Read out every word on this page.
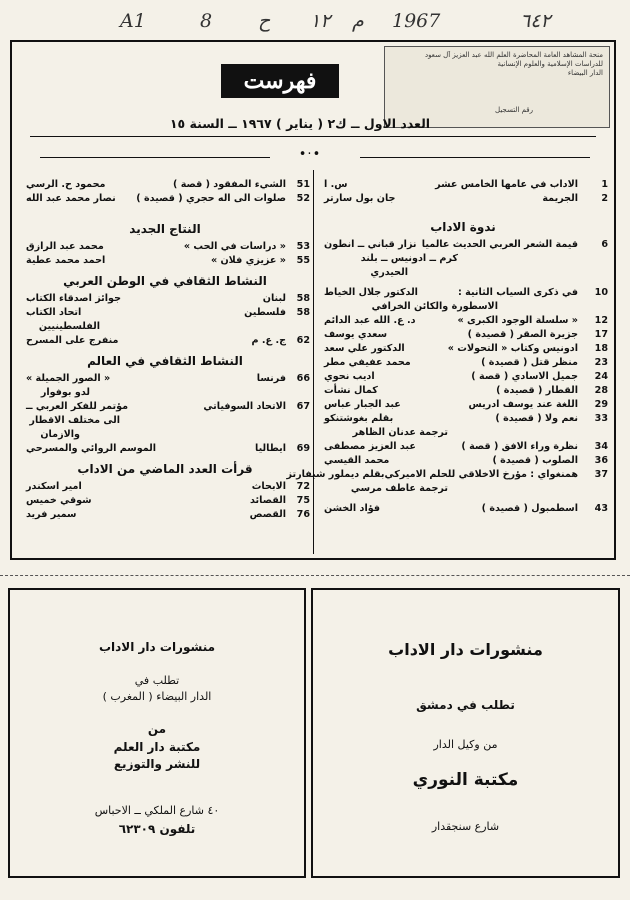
A1	8 ح ١٢ م 1967	٦٤٢
منحة المشاهد العامة المحاضرة العلم الله عبد العزيز آل سعود
للدراسات الإسلامية والعلوم الإنسانية
الدار البيضاء
رقم التسجيل
فهرست
العدد الاول ــ ك٢ ( يناير ) ١٩٦٧ ــ السنة ١٥
•·•
1
الاداب في عامها الخامس عشر
س. ا
2
الجريمة
جان بول سارتر
ندوة الاداب
6
قيمة الشعر العربي الحديث عالميا
نزار قباني ــ انطون
كرم ــ ادونيس ــ بلند
الحيدري
10
في ذكرى السياب الثانية :
الدكتور جلال الخياط
الاسطورة والكائن الخرافي
12
« سلسلة الوجود الكبرى »
د. ع. الله عبد الدائم
17
جزيرة الصقر ( قصيدة )
سعدي يوسف
18
ادونيس وكتاب « التحولات »
الدكتور علي سعد
23
منظر قتل ( قصيدة )
محمد عفيفي مطر
24
جميل الاسادي ( قصة )
اديب نحوي
28
القطار ( قصيدة )
كمال نشأت
29
اللغة عند يوسف ادريس
عبد الجبار عباس
33
نعم ولا ( قصيدة )
بقلم بغوشتنكو
ترجمة عدنان الظاهر
34
نظرة وراء الافق ( قصة )
عبد العزيز مصطفى
36
الصلوب ( قصيدة )
محمد القيسي
37
همنغواي : مؤرخ الاخلاقي للحلم الاميركي
بقلم ديملور شيفارتز
ترجمة عاطف مرسي
43
اسطمبول ( قصيدة )
فؤاد الخشن
51
الشيء المفقود ( قصة )
محمود ح. الرسي
52
صلوات الى اله حجري ( قصيدة )
نصار محمد عبد الله
النتاج الجديد
53
« دراسات في الحب »
محمد عبد الرازق
55
« عزيزي فلان »
احمد محمد عطية
النشاط الثقافي في الوطن العربي
58
لبنان
جوائز اصدقاء الكتاب
58
فلسطين
اتحاد الكتاب
الفلسطينيين
62
ج. ع. م
منفرج على المسرح
النشاط الثقافي في العالم
66
فرنسا
« الصور الجميلة »
لدو بوفوار
67
الاتحاد السوفياتي
مؤتمر للفكر العربي ــ
الى مختلف الاقطار
والازمان
69
ايطاليا
الموسم الروائي والمسرحي
قرأت العدد الماضي من الاداب
72
الابحاث
امير اسكندر
75
القصائد
شوقي خميس
76
القصص
سمير فريد
منشورات دار الاداب
تطلب في دمشق
من وكيل الدار
مكتبة النوري
شارع سنجقدار
منشورات دار الاداب
تطلب في
الدار البيضاء ( المغرب )
من
مكتبة دار العلم
للنشر والتوزيع
٤٠ شارع الملكي ــ الاحباس
تلفون ٦٢٣٠٩
